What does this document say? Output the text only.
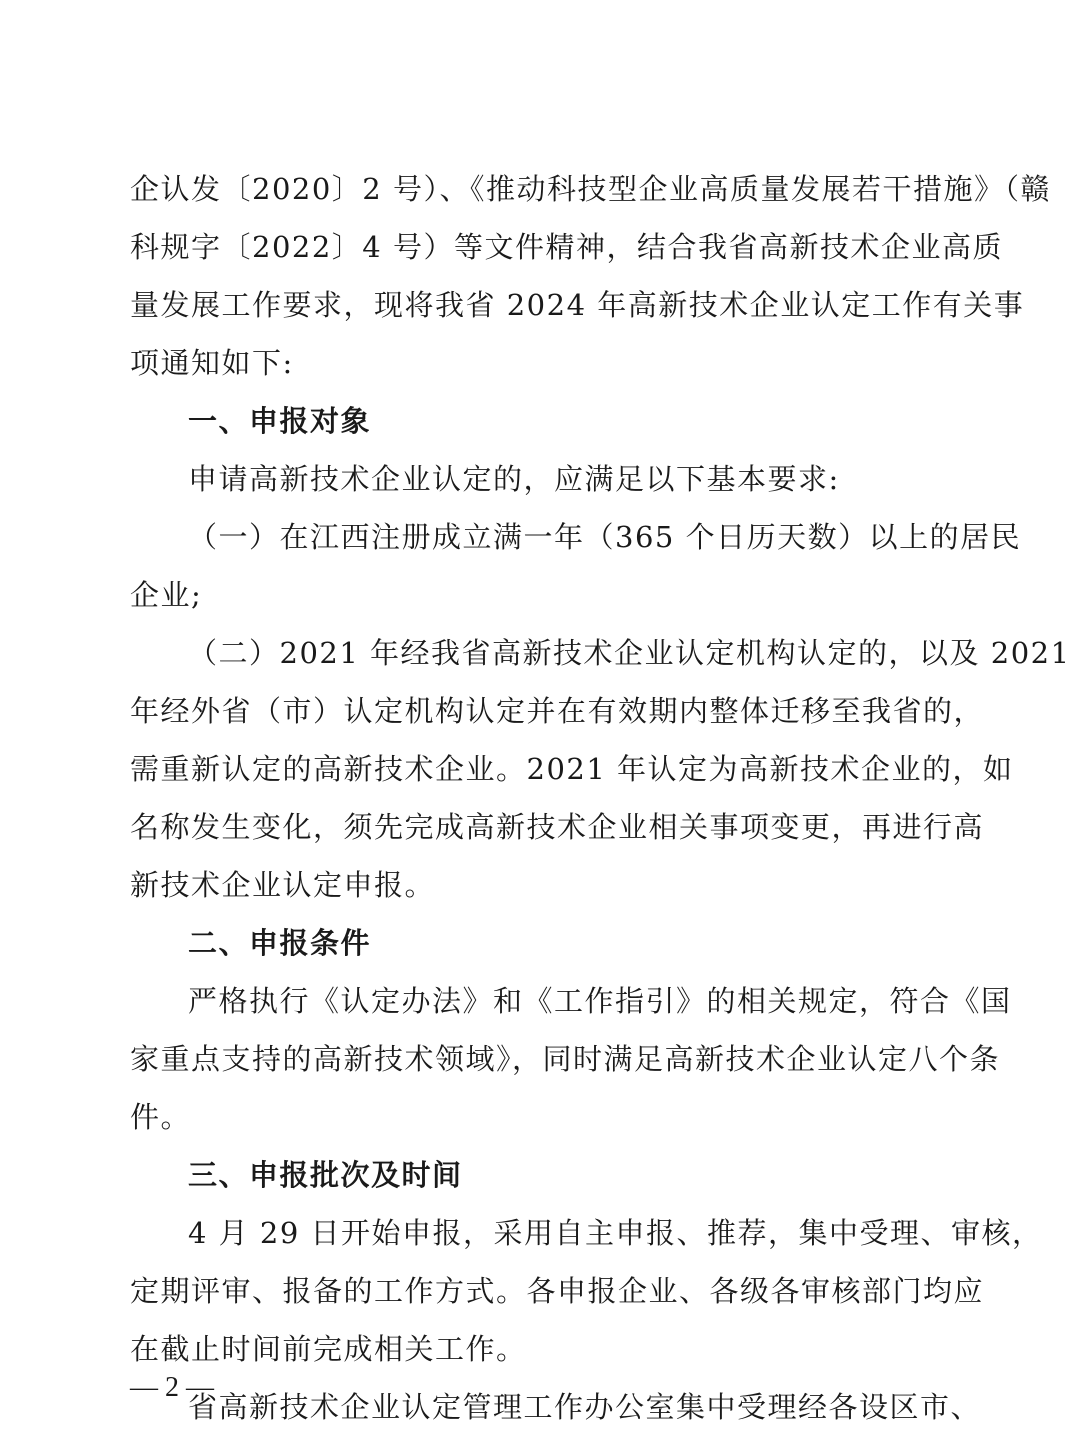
企认发〔2020〕2 号）、《推动科技型企业高质量发展若干措施》（赣
科规字〔2022〕4 号）等文件精神，结合我省高新技术企业高质
量发展工作要求，现将我省 2024 年高新技术企业认定工作有关事
项通知如下:
一、申报对象
申请高新技术企业认定的，应满足以下基本要求:
（一）在江西注册成立满一年（365 个日历天数）以上的居民
企业;
（二）2021 年经我省高新技术企业认定机构认定的，以及 2021
年经外省（市）认定机构认定并在有效期内整体迁移至我省的，
需重新认定的高新技术企业。2021 年认定为高新技术企业的，如
名称发生变化，须先完成高新技术企业相关事项变更，再进行高
新技术企业认定申报。
二、申报条件
严格执行《认定办法》和《工作指引》的相关规定，符合《国
家重点支持的高新技术领域》，同时满足高新技术企业认定八个条
件。
三、申报批次及时间
4 月 29 日开始申报，采用自主申报、推荐，集中受理、审核，
定期评审、报备的工作方式。各申报企业、各级各审核部门均应
在截止时间前完成相关工作。
省高新技术企业认定管理工作办公室集中受理经各设区市、
— 2 —
